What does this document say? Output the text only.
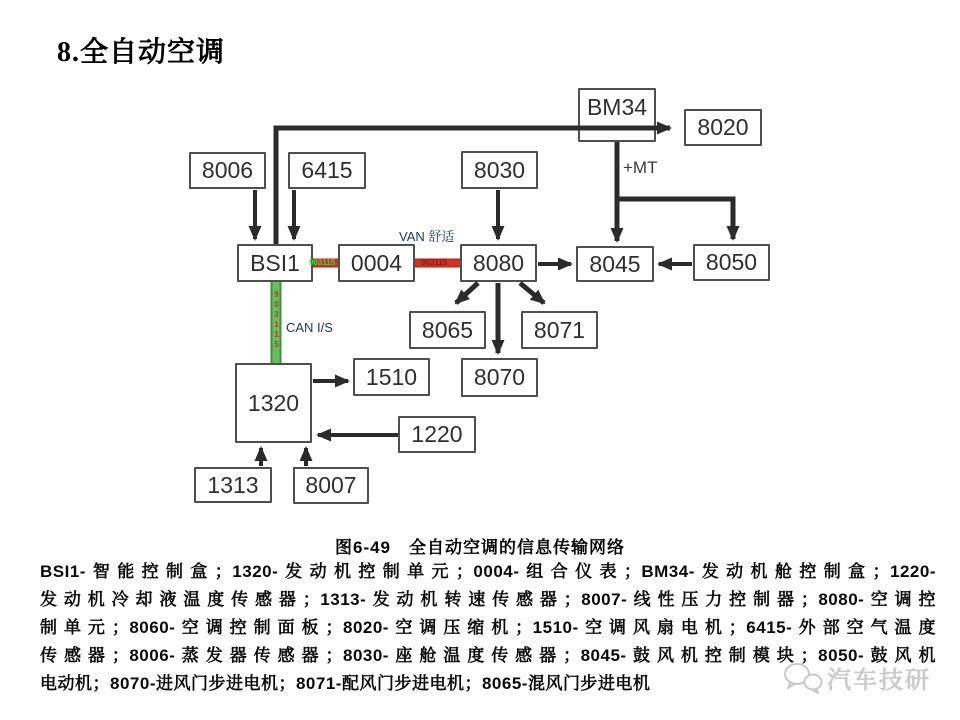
8.全自动空调
BM34
8020
8006 6415	8030
BSI1 0004	8080	8045	8050
8065	8071
8070
1320
1510
1220
1313 8007
+MT
VAN 舒适
CAN I/S
903115	903115
903115
图6-49　全自动空调的信息传输网络
BSI1-智能控制盒；1320-发动机控制单元；0004-组合仪表；BM34-发动机舱控制盒；1220-
发动机冷却液温度传感器；1313-发动机转速传感器；8007-线性压力控制器；8080-空调控
制单元；8060-空调控制面板；8020-空调压缩机；1510-空调风扇电机；6415-外部空气温度
传感器；8006-蒸发器传感器；8030-座舱温度传感器；8045-鼓风机控制模块；8050-鼓风机
电动机；8070-进风门步进电机；8071-配风门步进电机；8065-混风门步进电机	汽车技研
